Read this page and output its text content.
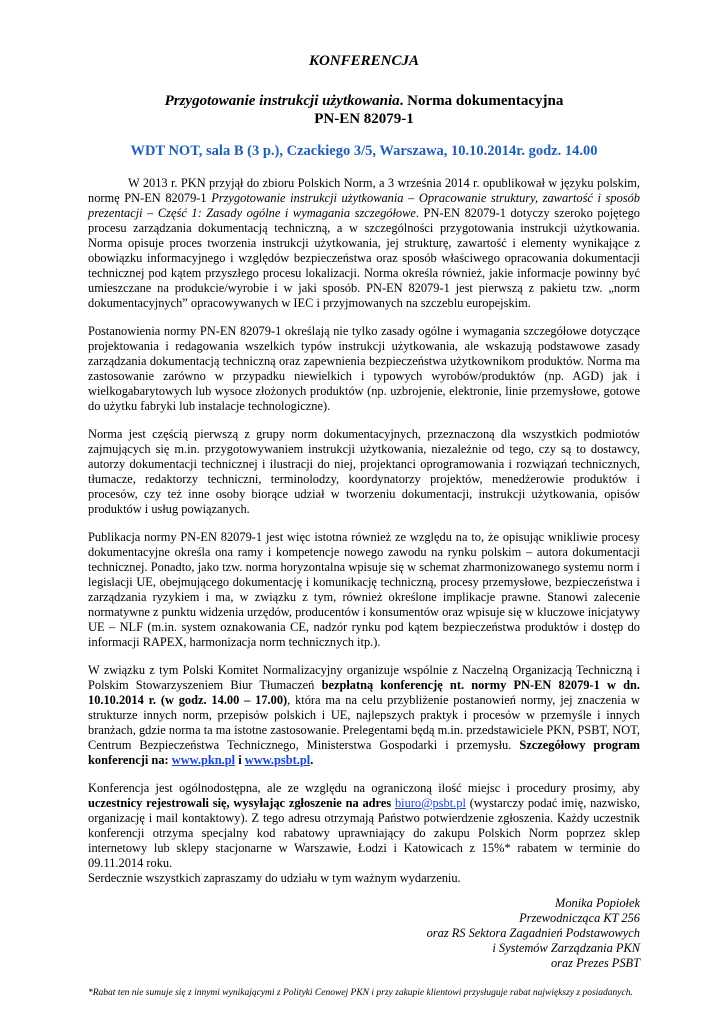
KONFERENCJA
Przygotowanie instrukcji użytkowania. Norma dokumentacyjna
PN-EN 82079-1
WDT NOT, sala B (3 p.), Czackiego 3/5, Warszawa, 10.10.2014r. godz. 14.00

W 2013 r. PKN przyjął do zbioru Polskich Norm, a 3 września 2014 r. opublikował w języku polskim, normę PN-EN 82079-1 Przygotowanie instrukcji użytkowania – Opracowanie struktury, zawartość i sposób prezentacji – Część 1: Zasady ogólne i wymagania szczegółowe. PN-EN 82079-1 dotyczy szeroko pojętego procesu zarządzania dokumentacją techniczną, a w szczególności przygotowania instrukcji użytkowania. Norma opisuje proces tworzenia instrukcji użytkowania, jej strukturę, zawartość i elementy wynikające z obowiązku informacyjnego i względów bezpieczeństwa oraz sposób właściwego opracowania dokumentacji technicznej pod kątem przyszłego procesu lokalizacji. Norma określa również, jakie informacje powinny być umieszczane na produkcie/wyrobie i w jaki sposób. PN-EN 82079-1 jest pierwszą z pakietu tzw. „norm dokumentacyjnych” opracowywanych w IEC i przyjmowanych na szczeblu europejskim.

Postanowienia normy PN-EN 82079-1 określają nie tylko zasady ogólne i wymagania szczegółowe dotyczące projektowania i redagowania wszelkich typów instrukcji użytkowania, ale wskazują podstawowe zasady zarządzania dokumentacją techniczną oraz zapewnienia bezpieczeństwa użytkownikom produktów. Norma ma zastosowanie zarówno w przypadku niewielkich i typowych wyrobów/produktów (np. AGD) jak i wielkogabarytowych lub wysoce złożonych produktów (np. uzbrojenie, elektronie, linie przemysłowe, gotowe do użytku fabryki lub instalacje technologiczne).

Norma jest częścią pierwszą z grupy norm dokumentacyjnych, przeznaczoną dla wszystkich podmiotów zajmujących się m.in. przygotowywaniem instrukcji użytkowania, niezależnie od tego, czy są to dostawcy, autorzy dokumentacji technicznej i ilustracji do niej, projektanci oprogramowania i rozwiązań technicznych, tłumacze, redaktorzy techniczni, terminolodzy, koordynatorzy projektów, menedżerowie produktów i procesów, czy też inne osoby biorące udział w tworzeniu dokumentacji, instrukcji użytkowania, opisów produktów i usług powiązanych.

Publikacja normy PN-EN 82079-1 jest więc istotna również ze względu na to, że opisując wnikliwie procesy dokumentacyjne określa ona ramy i kompetencje nowego zawodu na rynku polskim – autora dokumentacji technicznej. Ponadto, jako tzw. norma horyzontalna wpisuje się w schemat zharmonizowanego systemu norm i legislacji UE, obejmującego dokumentację i komunikację techniczną, procesy przemysłowe, bezpieczeństwa i zarządzania ryzykiem i ma, w związku z tym, również określone implikacje prawne. Stanowi zalecenie normatywne z punktu widzenia urzędów, producentów i konsumentów oraz wpisuje się w kluczowe inicjatywy UE – NLF (m.in. system oznakowania CE, nadzór rynku pod kątem bezpieczeństwa produktów i dostęp do informacji RAPEX, harmonizacja norm technicznych itp.).

W związku z tym Polski Komitet Normalizacyjny organizuje wspólnie z Naczelną Organizacją Techniczną i Polskim Stowarzyszeniem Biur Tłumaczeń bezpłatną konferencję nt. normy PN-EN 82079-1 w dn. 10.10.2014 r. (w godz. 14.00 – 17.00), która ma na celu przybliżenie postanowień normy, jej znaczenia w strukturze innych norm, przepisów polskich i UE, najlepszych praktyk i procesów w przemyśle i innych branżach, gdzie norma ta ma istotne zastosowanie. Prelegentami będą m.in. przedstawiciele PKN, PSBT, NOT, Centrum Bezpieczeństwa Technicznego, Ministerstwa Gospodarki i przemysłu. Szczegółowy program konferencji na: www.pkn.pl i www.psbt.pl.

Konferencja jest ogólnodostępna, ale ze względu na ograniczoną ilość miejsc i procedury prosimy, aby uczestnicy rejestrowali się, wysyłając zgłoszenie na adres biuro@psbt.pl (wystarczy podać imię, nazwisko, organizację i mail kontaktowy). Z tego adresu otrzymają Państwo potwierdzenie zgłoszenia. Każdy uczestnik konferencji otrzyma specjalny kod rabatowy uprawniający do zakupu Polskich Norm poprzez sklep internetowy lub sklepy stacjonarne w Warszawie, Łodzi i Katowicach z 15%* rabatem w terminie do 09.11.2014 roku.

Serdecznie wszystkich zapraszamy do udziału w tym ważnym wydarzeniu.

Monika Popiołek
Przewodnicząca KT 256
oraz RS Sektora Zagadnień Podstawowych
i Systemów Zarządzania PKN
oraz Prezes PSBT
*Rabat ten nie sumuje się z innymi wynikającymi z Polityki Cenowej PKN i przy zakupie klientowi przysługuje rabat największy z posiadanych.
